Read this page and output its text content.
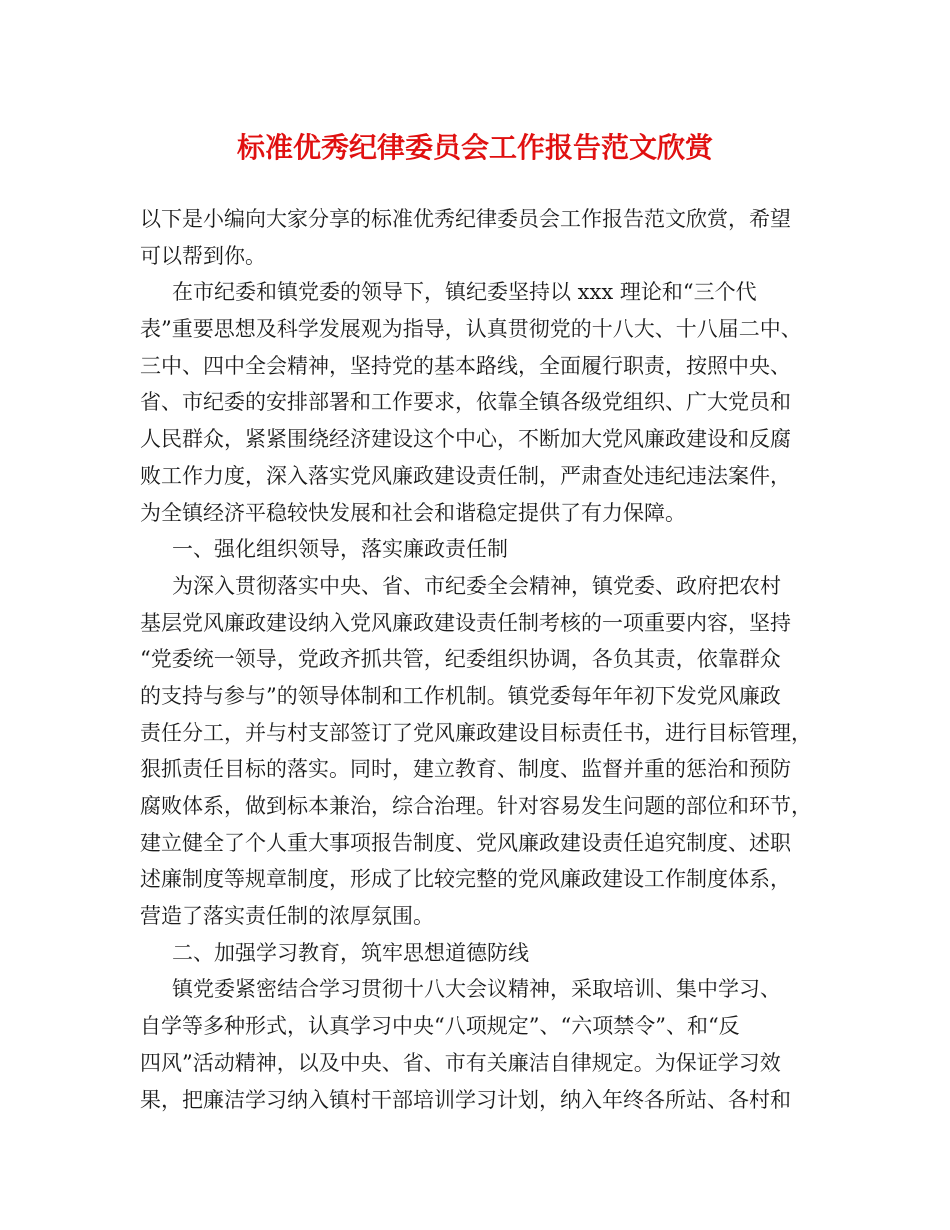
标准优秀纪律委员会工作报告范文欣赏
以下是小编向大家分享的标准优秀纪律委员会工作报告范文欣赏，希望
可以帮到你。
在市纪委和镇党委的领导下，镇纪委坚持以 xxx 理论和“三个代
表”重要思想及科学发展观为指导，认真贯彻党的十八大、十八届二中、
三中、四中全会精神，坚持党的基本路线，全面履行职责，按照中央、
省、市纪委的安排部署和工作要求，依靠全镇各级党组织、广大党员和
人民群众，紧紧围绕经济建设这个中心，不断加大党风廉政建设和反腐
败工作力度，深入落实党风廉政建设责任制，严肃查处违纪违法案件，
为全镇经济平稳较快发展和社会和谐稳定提供了有力保障。
一、强化组织领导，落实廉政责任制
为深入贯彻落实中央、省、市纪委全会精神，镇党委、政府把农村
基层党风廉政建设纳入党风廉政建设责任制考核的一项重要内容，坚持
“党委统一领导，党政齐抓共管，纪委组织协调，各负其责，依靠群众
的支持与参与”的领导体制和工作机制。镇党委每年年初下发党风廉政
责任分工，并与村支部签订了党风廉政建设目标责任书，进行目标管理，
狠抓责任目标的落实。同时，建立教育、制度、监督并重的惩治和预防
腐败体系，做到标本兼治，综合治理。针对容易发生问题的部位和环节，
建立健全了个人重大事项报告制度、党风廉政建设责任追究制度、述职
述廉制度等规章制度，形成了比较完整的党风廉政建设工作制度体系，
营造了落实责任制的浓厚氛围。
二、加强学习教育，筑牢思想道德防线
镇党委紧密结合学习贯彻十八大会议精神，采取培训、集中学习、
自学等多种形式，认真学习中央“八项规定”、“六项禁令”、和“反
四风”活动精神，以及中央、省、市有关廉洁自律规定。为保证学习效
果，把廉洁学习纳入镇村干部培训学习计划，纳入年终各所站、各村和
